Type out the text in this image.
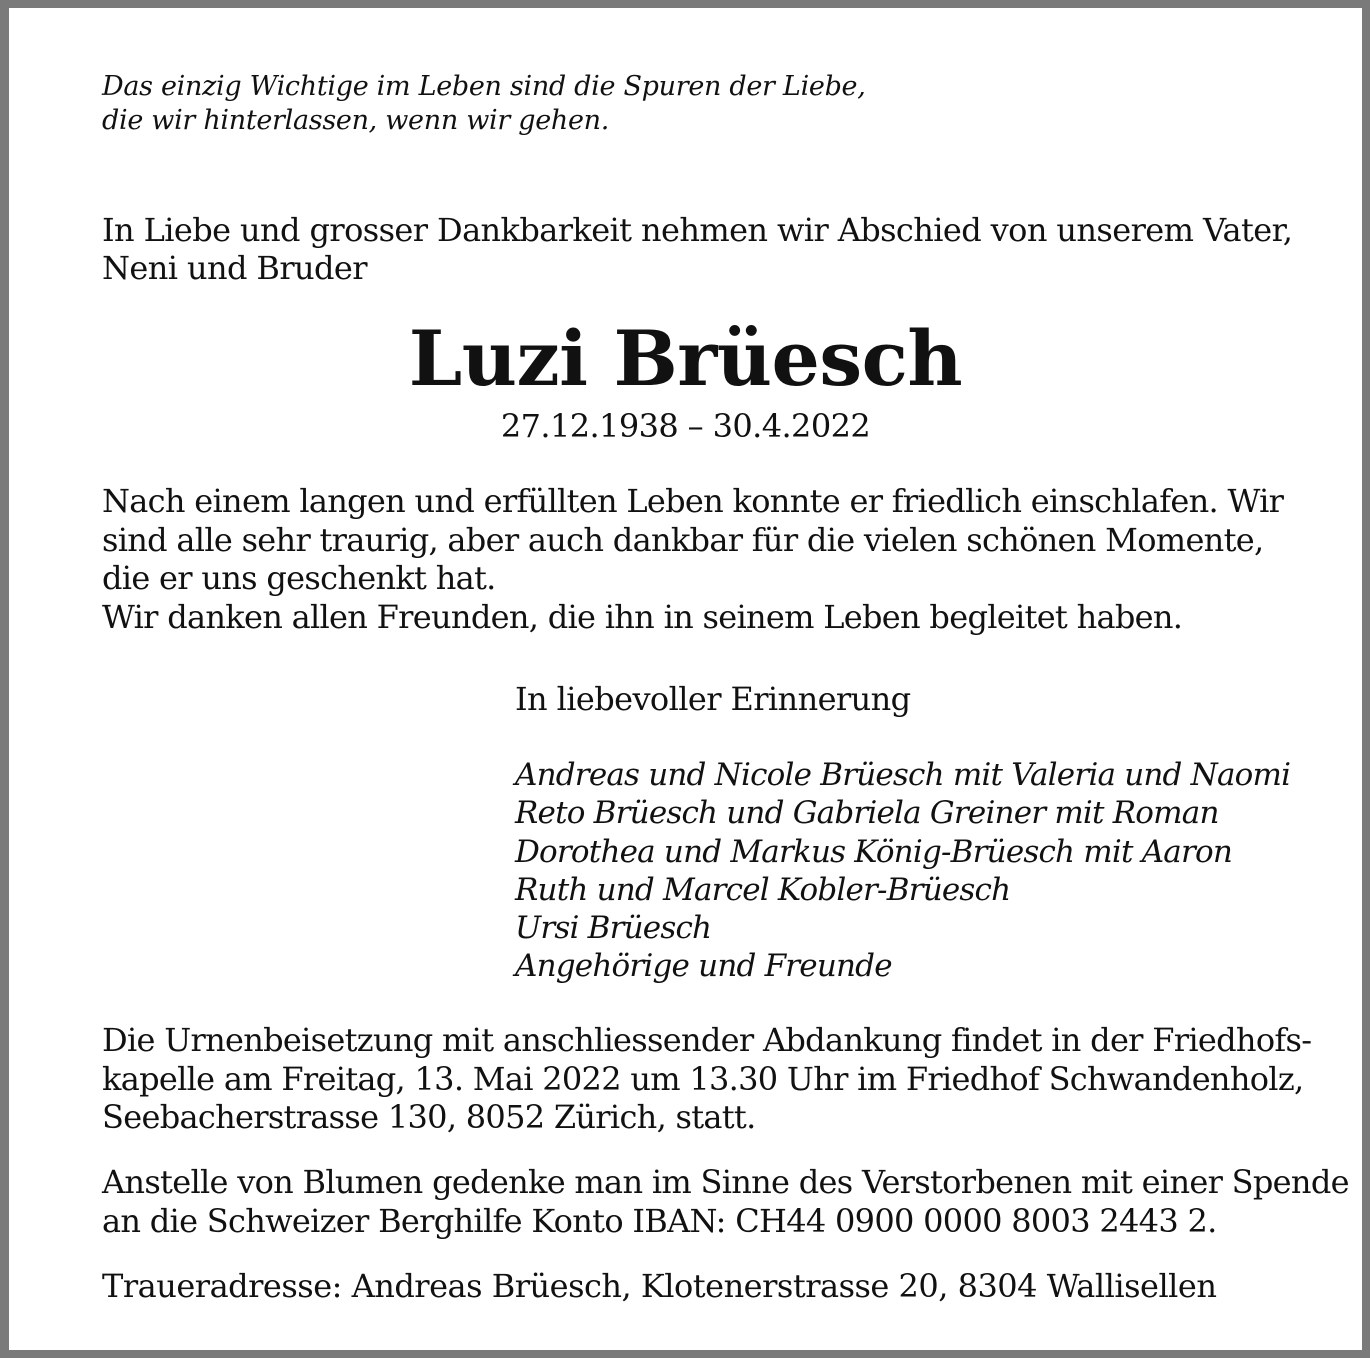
Das einzig Wichtige im Leben sind die Spuren der Liebe,
die wir hinterlassen, wenn wir gehen.
In Liebe und grosser Dankbarkeit nehmen wir Abschied von unserem Vater,
Neni und Bruder
Luzi Brüesch
27.12.1938 – 30.4.2022
Nach einem langen und erfüllten Leben konnte er friedlich einschlafen. Wir
sind alle sehr traurig, aber auch dankbar für die vielen schönen Momente,
die er uns geschenkt hat.
Wir danken allen Freunden, die ihn in seinem Leben begleitet haben.
In liebevoller Erinnerung
Andreas und Nicole Brüesch mit Valeria und Naomi
Reto Brüesch und Gabriela Greiner mit Roman
Dorothea und Markus König-Brüesch mit Aaron
Ruth und Marcel Kobler-Brüesch
Ursi Brüesch
Angehörige und Freunde
Die Urnenbeisetzung mit anschliessender Abdankung findet in der Friedhofs-
kapelle am Freitag, 13. Mai 2022 um 13.30 Uhr im Friedhof Schwandenholz,
Seebacherstrasse 130, 8052 Zürich, statt.
Anstelle von Blumen gedenke man im Sinne des Verstorbenen mit einer Spende
an die Schweizer Berghilfe Konto IBAN: CH44 0900 0000 8003 2443 2.
Traueradresse: Andreas Brüesch, Klotenerstrasse 20, 8304 Wallisellen
